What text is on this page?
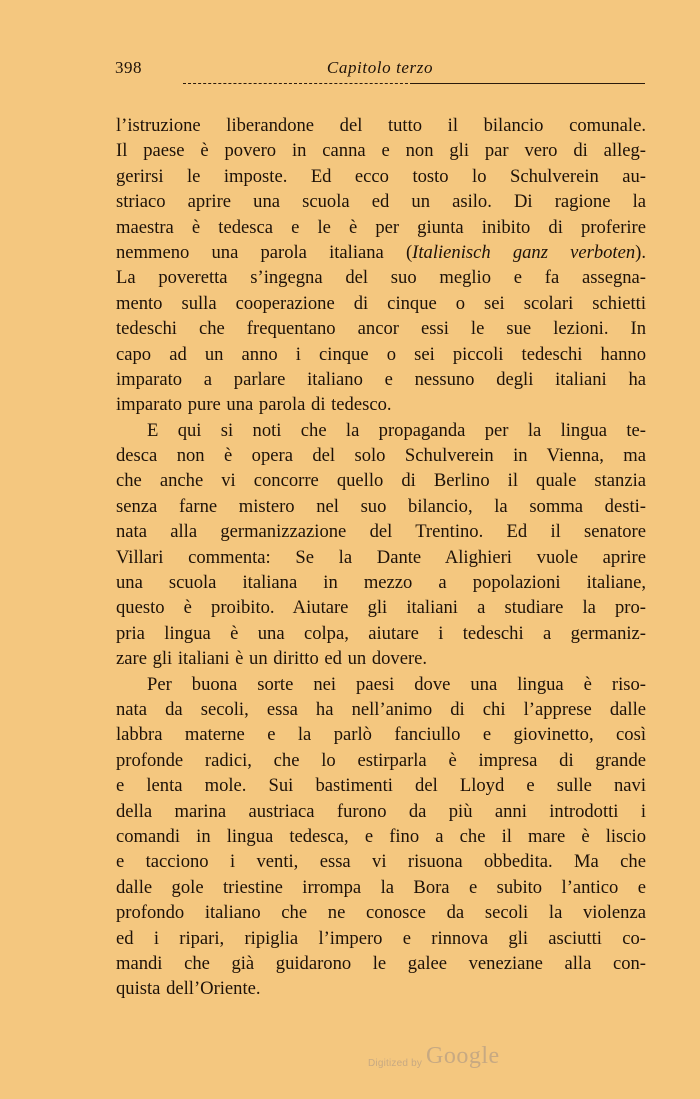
398	Capitolo terzo
l’istruzione liberandone del tutto il bilancio comunale.
Il paese è povero in canna e non gli par vero di alleg-
gerirsi le imposte. Ed ecco tosto lo Schulverein au-
striaco aprire una scuola ed un asilo. Di ragione la
maestra è tedesca e le è per giunta inibito di proferire
nemmeno una parola italiana (Italienisch ganz verboten).
La poveretta s’ingegna del suo meglio e fa assegna-
mento sulla cooperazione di cinque o sei scolari schietti
tedeschi che frequentano ancor essi le sue lezioni. In
capo ad un anno i cinque o sei piccoli tedeschi hanno
imparato a parlare italiano e nessuno degli italiani ha
imparato pure una parola di tedesco.
E qui si noti che la propaganda per la lingua te-
desca non è opera del solo Schulverein in Vienna, ma
che anche vi concorre quello di Berlino il quale stanzia
senza farne mistero nel suo bilancio, la somma desti-
nata alla germanizzazione del Trentino. Ed il senatore
Villari commenta: Se la Dante Alighieri vuole aprire
una scuola italiana in mezzo a popolazioni italiane,
questo è proibito. Aiutare gli italiani a studiare la pro-
pria lingua è una colpa, aiutare i tedeschi a germaniz-
zare gli italiani è un diritto ed un dovere.
Per buona sorte nei paesi dove una lingua è riso-
nata da secoli, essa ha nell’animo di chi l’apprese dalle
labbra materne e la parlò fanciullo e giovinetto, così
profonde radici, che lo estirparla è impresa di grande
e lenta mole. Sui bastimenti del Lloyd e sulle navi
della marina austriaca furono da più anni introdotti i
comandi in lingua tedesca, e fino a che il mare è liscio
e tacciono i venti, essa vi risuona obbedita. Ma che
dalle gole triestine irrompa la Bora e subito l’antico e
profondo italiano che ne conosce da secoli la violenza
ed i ripari, ripiglia l’impero e rinnova gli asciutti co-
mandi che già guidarono le galee veneziane alla con-
quista dell’Oriente.
Digitized by Google
